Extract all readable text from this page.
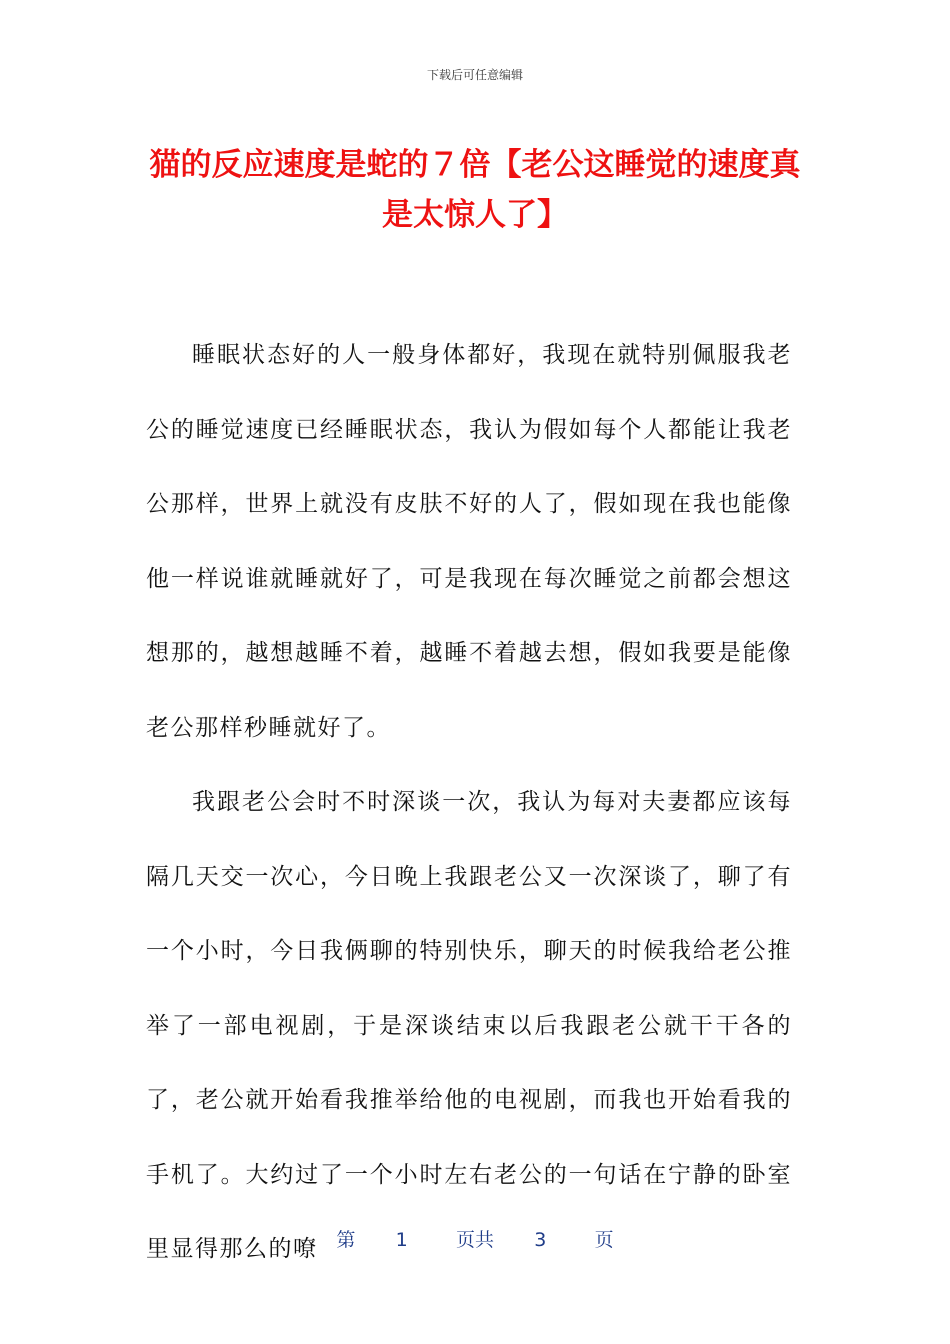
下载后可任意编辑
猫的反应速度是蛇的７倍【老公这睡觉的速度真是太惊人了】

睡眠状态好的人一般身体都好，我现在就特别佩服我老公的睡觉速度已经睡眠状态，我认为假如每个人都能让我老公那样，世界上就没有皮肤不好的人了，假如现在我也能像他一样说谁就睡就好了，可是我现在每次睡觉之前都会想这想那的，越想越睡不着，越睡不着越去想，假如我要是能像老公那样秒睡就好了。

我跟老公会时不时深谈一次，我认为每对夫妻都应该每隔几天交一次心，今日晚上我跟老公又一次深谈了，聊了有一个小时，今日我俩聊的特别快乐，聊天的时候我给老公推举了一部电视剧，于是深谈结束以后我跟老公就干干各的了，老公就开始看我推举给他的电视剧，而我也开始看我的手机了。大约过了一个小时左右老公的一句话在宁静的卧室里显得那么的嘹 第 1	页共 3	页
